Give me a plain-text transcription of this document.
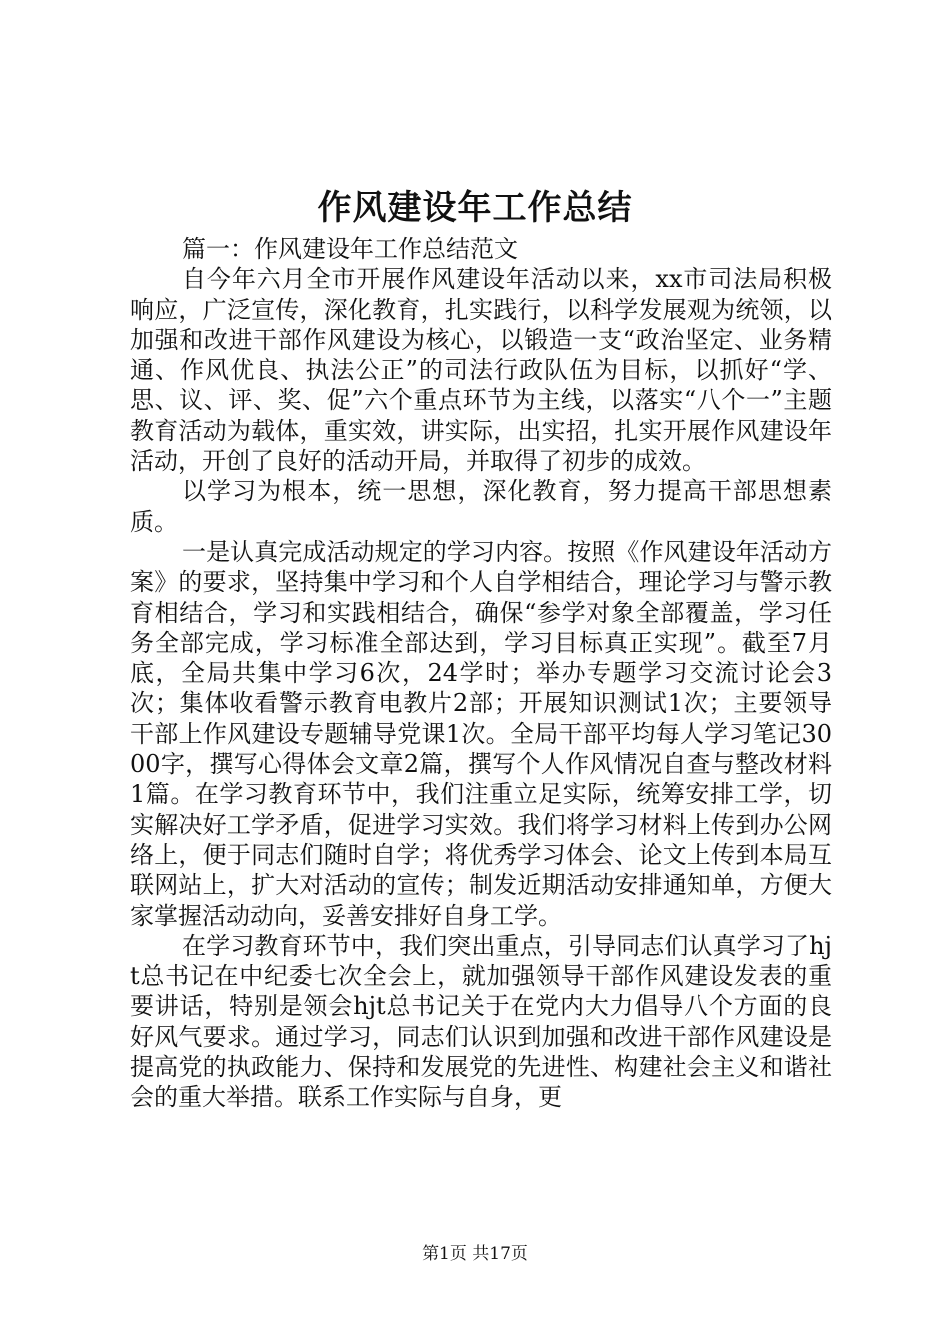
作风建设年工作总结

篇一：作风建设年工作总结范文

自今年六月全市开展作风建设年活动以来，xx市司法局积极响应，广泛宣传，深化教育，扎实践行，以科学发展观为统领，以加强和改进干部作风建设为核心，以锻造一支“政治坚定、业务精通、作风优良、执法公正”的司法行政队伍为目标，以抓好“学、思、议、评、奖、促”六个重点环节为主线，以落实“八个一”主题教育活动为载体，重实效，讲实际，出实招，扎实开展作风建设年活动，开创了良好的活动开局，并取得了初步的成效。

以学习为根本，统一思想，深化教育，努力提高干部思想素质。

一是认真完成活动规定的学习内容。按照《作风建设年活动方案》的要求，坚持集中学习和个人自学相结合，理论学习与警示教育相结合，学习和实践相结合，确保“参学对象全部覆盖，学习任务全部完成，学习标准全部达到，学习目标真正实现”。截至7月底，全局共集中学习6次，24学时；举办专题学习交流讨论会3次；集体收看警示教育电教片2部；开展知识测试1次；主要领导干部上作风建设专题辅导党课1次。全局干部平均每人学习笔记3000字，撰写心得体会文章2篇，撰写个人作风情况自查与整改材料1篇。在学习教育环节中，我们注重立足实际，统筹安排工学，切实解决好工学矛盾，促进学习实效。我们将学习材料上传到办公网络上，便于同志们随时自学；将优秀学习体会、论文上传到本局互联网站上，扩大对活动的宣传；制发近期活动安排通知单，方便大家掌握活动动向，妥善安排好自身工学。

在学习教育环节中，我们突出重点，引导同志们认真学习了hjt总书记在中纪委七次全会上，就加强领导干部作风建设发表的重要讲话，特别是领会hjt总书记关于在党内大力倡导八个方面的良好风气要求。通过学习，同志们认识到加强和改进干部作风建设是提高党的执政能力、保持和发展党的先进性、构建社会主义和谐社会的重大举措。联系工作实际与自身，更

第1页 共17页
